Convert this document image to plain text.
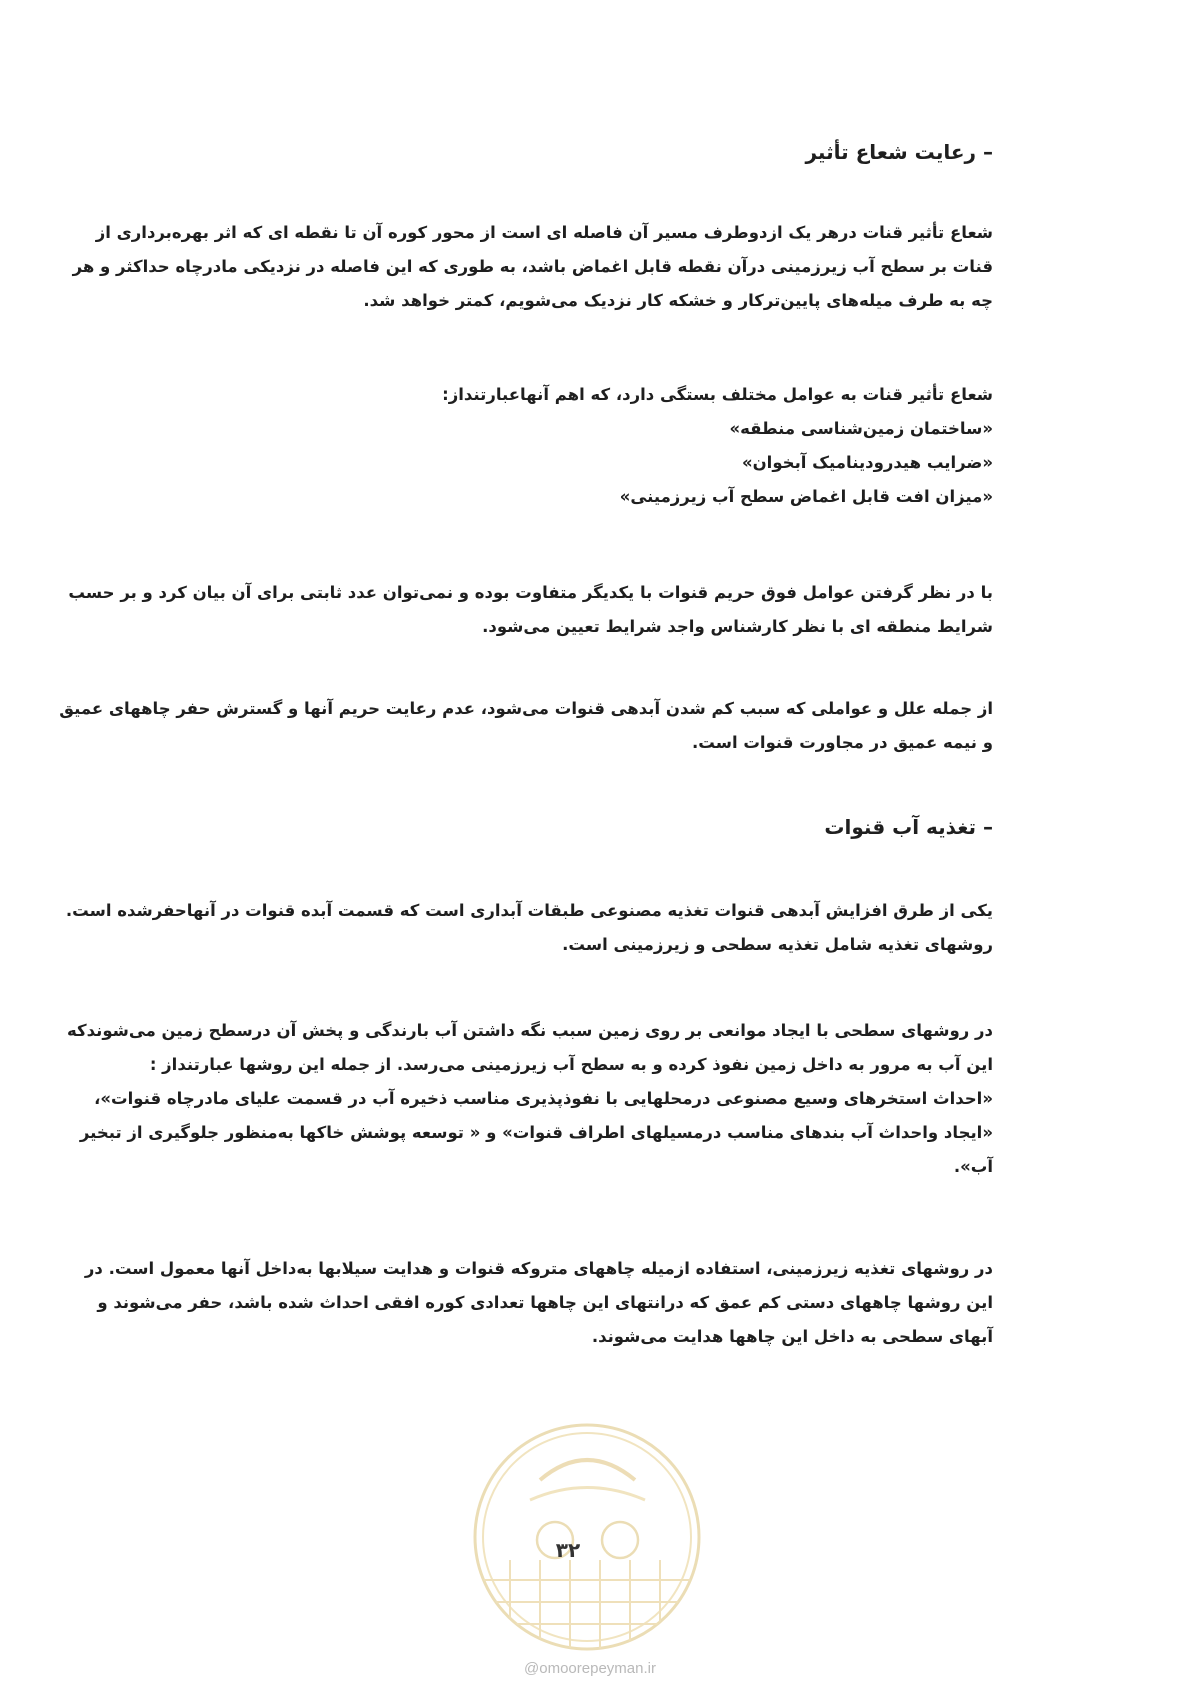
– رعایت شعاع تأثیر
شعاع تأثیر قنات درهر یک ازدوطرف مسیر آن فاصله ای است از محور کوره آن تا نقطه ای که اثر بهره‌برداری از
قنات بر سطح آب زیرزمینی درآن نقطه قابل اغماض باشد، به طوری که این فاصله در نزدیکی مادرچاه حداکثر و هر
چه به طرف میله‌های پایین‌ترکار و خشکه کار نزدیک می‌شویم، کمتر خواهد شد.
شعاع تأثیر قنات به عوامل مختلف بستگی دارد، که اهم آنهاعبارتنداز:
«ساختمان زمین‌شناسی منطقه»
«ضرایب هیدرودینامیک آبخوان»
«میزان افت قابل اغماض سطح آب زیرزمینی»
با در نظر گرفتن عوامل فوق حریم قنوات با یکدیگر متفاوت بوده و نمی‌توان عدد ثابتی برای آن بیان کرد و بر حسب
شرایط منطقه ای با نظر کارشناس واجد شرایط تعیین می‌شود.
از جمله علل و عواملی که سبب کم شدن آبدهی قنوات می‌شود، عدم رعایت حریم آنها و گسترش حفر چاههای عمیق
و نیمه عمیق در مجاورت قنوات است.
– تغذیه آب قنوات
یکی از طرق افزایش آبدهی قنوات تغذیه مصنوعی طبقات آبداری است که قسمت آبده قنوات در آنهاحفرشده است.
روشهای تغذیه شامل تغذیه سطحی و زیرزمینی است.
در روشهای سطحی با ایجاد موانعی بر روی زمین سبب نگه داشتن آب بارندگی و پخش آن درسطح زمین می‌شوندکه
این آب به مرور به داخل زمین نفوذ کرده و به سطح آب زیرزمینی می‌رسد. از جمله این روشها عبارتنداز :
«احداث استخرهای وسیع مصنوعی درمحلهایی با نفوذپذیری مناسب ذخیره آب در قسمت علیای مادرچاه قنوات»،
«ایجاد واحداث آب بندهای مناسب درمسیلهای اطراف قنوات» و « توسعه پوشش خاکها به‌منظور جلوگیری از تبخیر
آب».
در روشهای تغذیه زیرزمینی، استفاده ازمیله چاههای متروکه قنوات و هدایت سیلابها به‌داخل آنها معمول است. در
این روشها چاههای دستی کم عمق که درانتهای این چاهها تعدادی کوره افقی احداث شده باشد، حفر می‌شوند و
آبهای سطحی به داخل این چاهها هدایت می‌شوند.
۳۲
@omoorepeyman.ir
